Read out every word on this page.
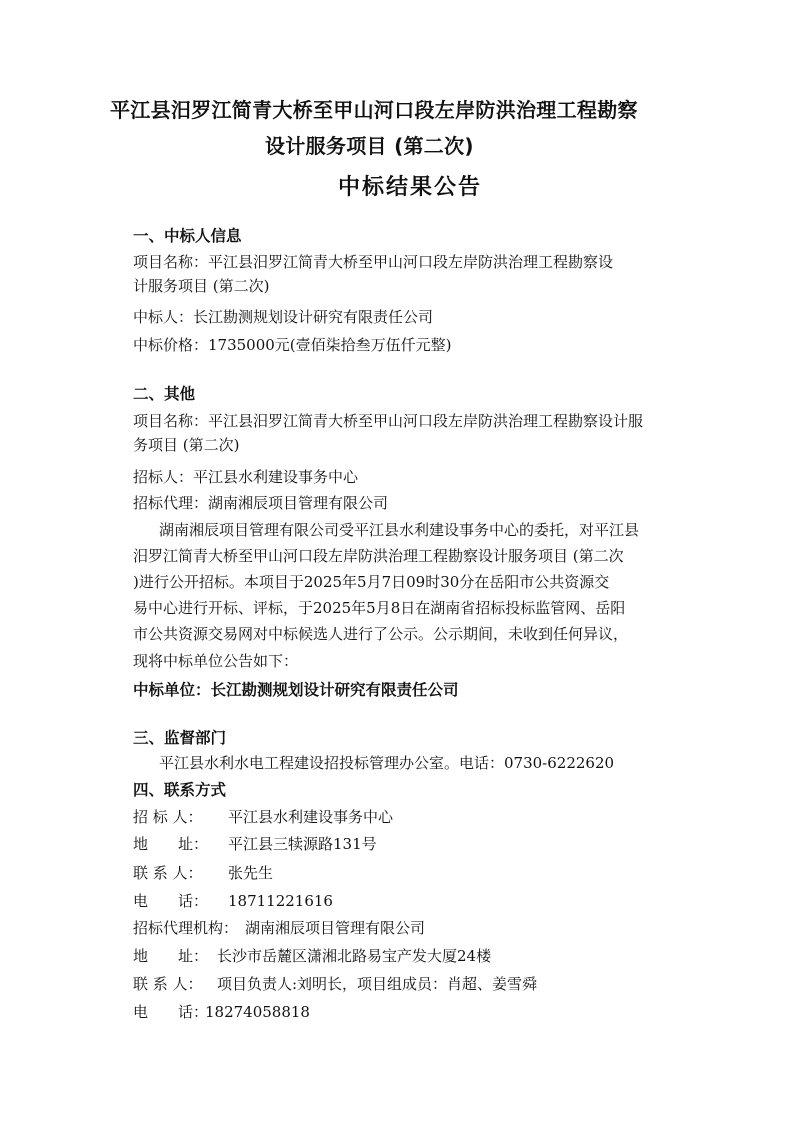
平江县汨罗江简青大桥至甲山河口段左岸防洪治理工程勘察
设计服务项目 (第二次)
中标结果公告
一、中标人信息
项目名称：平江县汨罗江简青大桥至甲山河口段左岸防洪治理工程勘察设
计服务项目 (第二次)
中标人：长江勘测规划设计研究有限责任公司
中标价格：1735000元(壹佰柒拾叁万伍仟元整)
二、其他
项目名称：平江县汨罗江简青大桥至甲山河口段左岸防洪治理工程勘察设计服
务项目 (第二次)
招标人：平江县水利建设事务中心
招标代理：湖南湘辰项目管理有限公司
湖南湘辰项目管理有限公司受平江县水利建设事务中心的委托，对平江县
汨罗江简青大桥至甲山河口段左岸防洪治理工程勘察设计服务项目 (第二次
)进行公开招标。本项目于2025年5月7日09时30分在岳阳市公共资源交
易中心进行开标、评标，于2025年5月8日在湖南省招标投标监管网、岳阳
市公共资源交易网对中标候选人进行了公示。公示期间，未收到任何异议，
现将中标单位公告如下：
中标单位：长江勘测规划设计研究有限责任公司
三、监督部门
平江县水利水电工程建设招投标管理办公室。电话：0730-6222620
四、联系方式
招 标 人： 平江县水利建设事务中心
地　　址： 平江县三犊源路131号
联 系 人： 张先生
电　　话： 18711221616
招标代理机构： 湖南湘辰项目管理有限公司
地　　址： 长沙市岳麓区潇湘北路易宝产发大厦24楼
联 系 人： 项目负责人:刘明长，项目组成员：肖超、姜雪舜
电　　话：18274058818
